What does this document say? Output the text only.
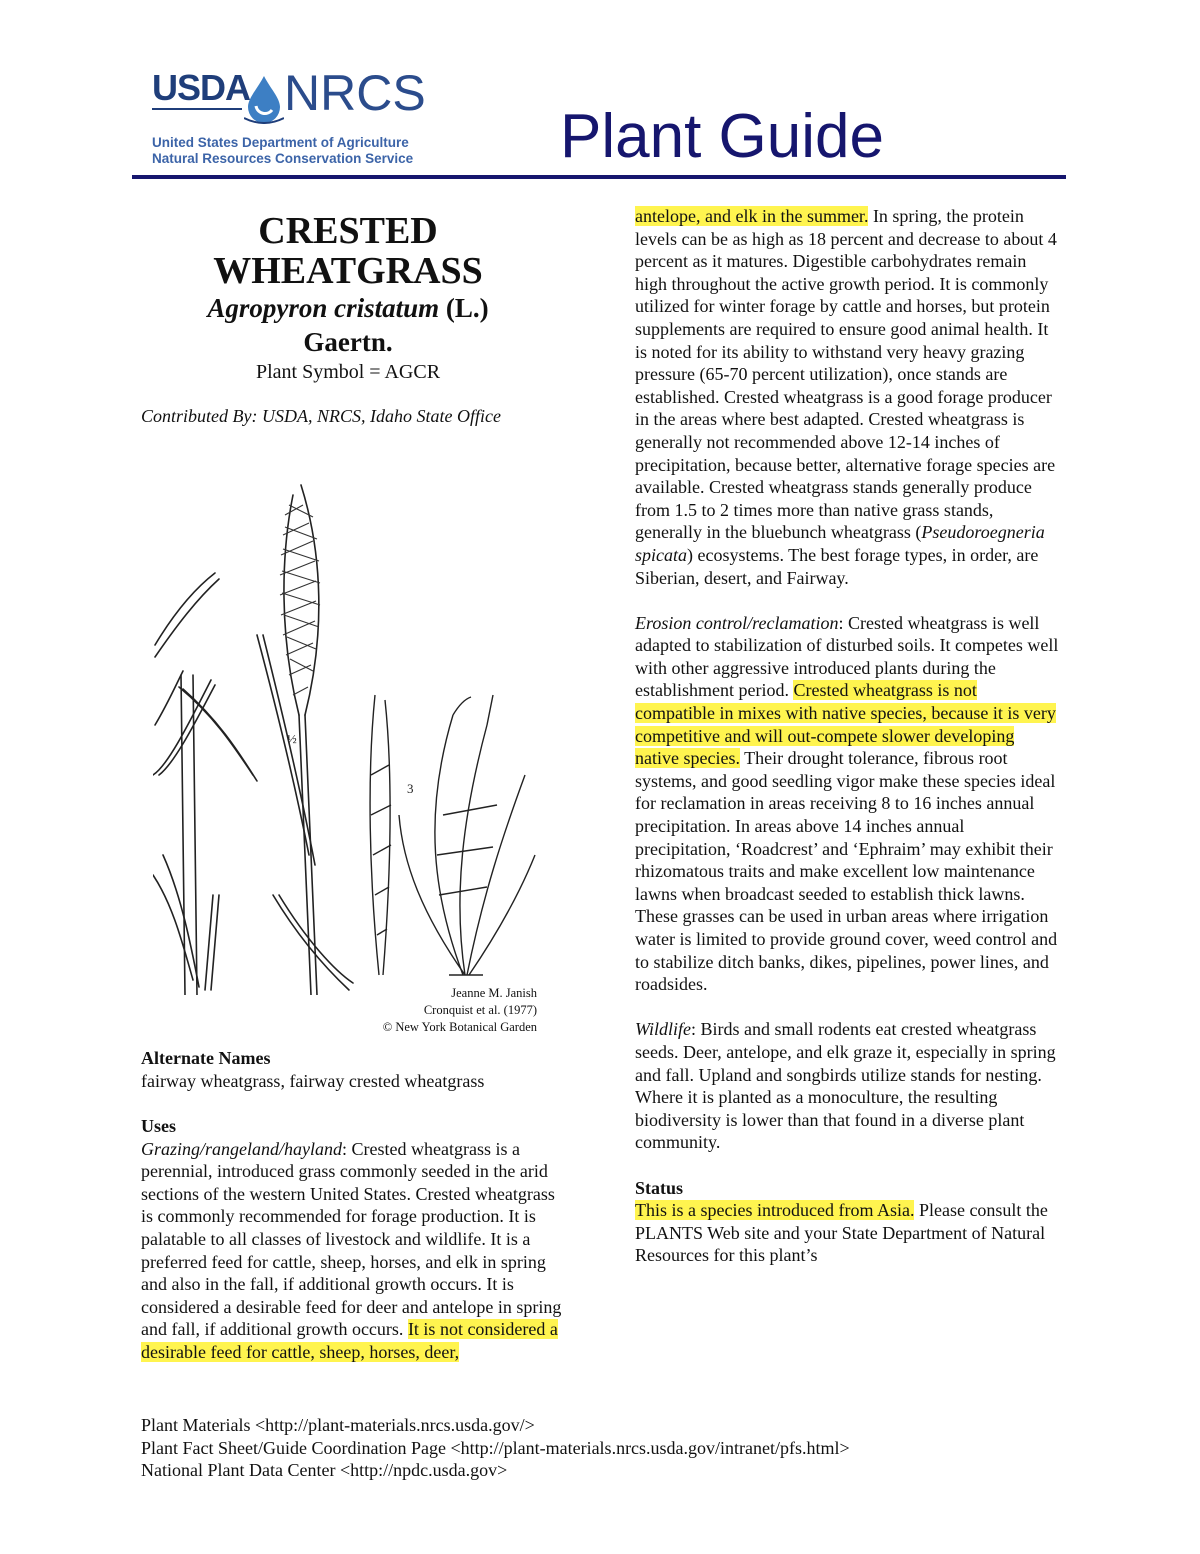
USDA NRCS
United States Department of Agriculture
Natural Resources Conservation Service Plant Guide

CRESTED
WHEATGRASS

Agropyron cristatum (L.)
Gaertn.

Plant Symbol = AGCR

Contributed By: USDA, NRCS, Idaho State Office

½
3
Jeanne M. Janish
Cronquist et al. (1977)
© New York Botanical Garden

Alternate Names

fairway wheatgrass, fairway crested wheatgrass

Uses

Grazing/rangeland/hayland: Crested wheatgrass is a perennial, introduced grass commonly seeded in the arid sections of the western United States. Crested wheatgrass is commonly recommended for forage production. It is palatable to all classes of livestock and wildlife. It is a preferred feed for cattle, sheep, horses, and elk in spring and also in the fall, if additional growth occurs. It is considered a desirable feed for deer and antelope in spring and fall, if additional growth occurs. It is not considered a desirable feed for cattle, sheep, horses, deer,

antelope, and elk in the summer. In spring, the protein levels can be as high as 18 percent and decrease to about 4 percent as it matures. Digestible carbohydrates remain high throughout the active growth period. It is commonly utilized for winter forage by cattle and horses, but protein supplements are required to ensure good animal health. It is noted for its ability to withstand very heavy grazing pressure (65-70 percent utilization), once stands are established. Crested wheatgrass is a good forage producer in the areas where best adapted. Crested wheatgrass is generally not recommended above 12-14 inches of precipitation, because better, alternative forage species are available. Crested wheatgrass stands generally produce from 1.5 to 2 times more than native grass stands, generally in the bluebunch wheatgrass (Pseudoroegneria spicata) ecosystems. The best forage types, in order, are Siberian, desert, and Fairway.

Erosion control/reclamation: Crested wheatgrass is well adapted to stabilization of disturbed soils. It competes well with other aggressive introduced plants during the establishment period. Crested wheatgrass is not compatible in mixes with native species, because it is very competitive and will out-compete slower developing native species. Their drought tolerance, fibrous root systems, and good seedling vigor make these species ideal for reclamation in areas receiving 8 to 16 inches annual precipitation. In areas above 14 inches annual precipitation, ‘Roadcrest’ and ‘Ephraim’ may exhibit their rhizomatous traits and make excellent low maintenance lawns when broadcast seeded to establish thick lawns. These grasses can be used in urban areas where irrigation water is limited to provide ground cover, weed control and to stabilize ditch banks, dikes, pipelines, power lines, and roadsides.

Wildlife: Birds and small rodents eat crested wheatgrass seeds. Deer, antelope, and elk graze it, especially in spring and fall. Upland and songbirds utilize stands for nesting. Where it is planted as a monoculture, the resulting biodiversity is lower than that found in a diverse plant community.

Status

This is a species introduced from Asia. Please consult the PLANTS Web site and your State Department of Natural Resources for this plant’s

Plant Materials <http://plant-materials.nrcs.usda.gov/>
Plant Fact Sheet/Guide Coordination Page <http://plant-materials.nrcs.usda.gov/intranet/pfs.html>
National Plant Data Center <http://npdc.usda.gov>
